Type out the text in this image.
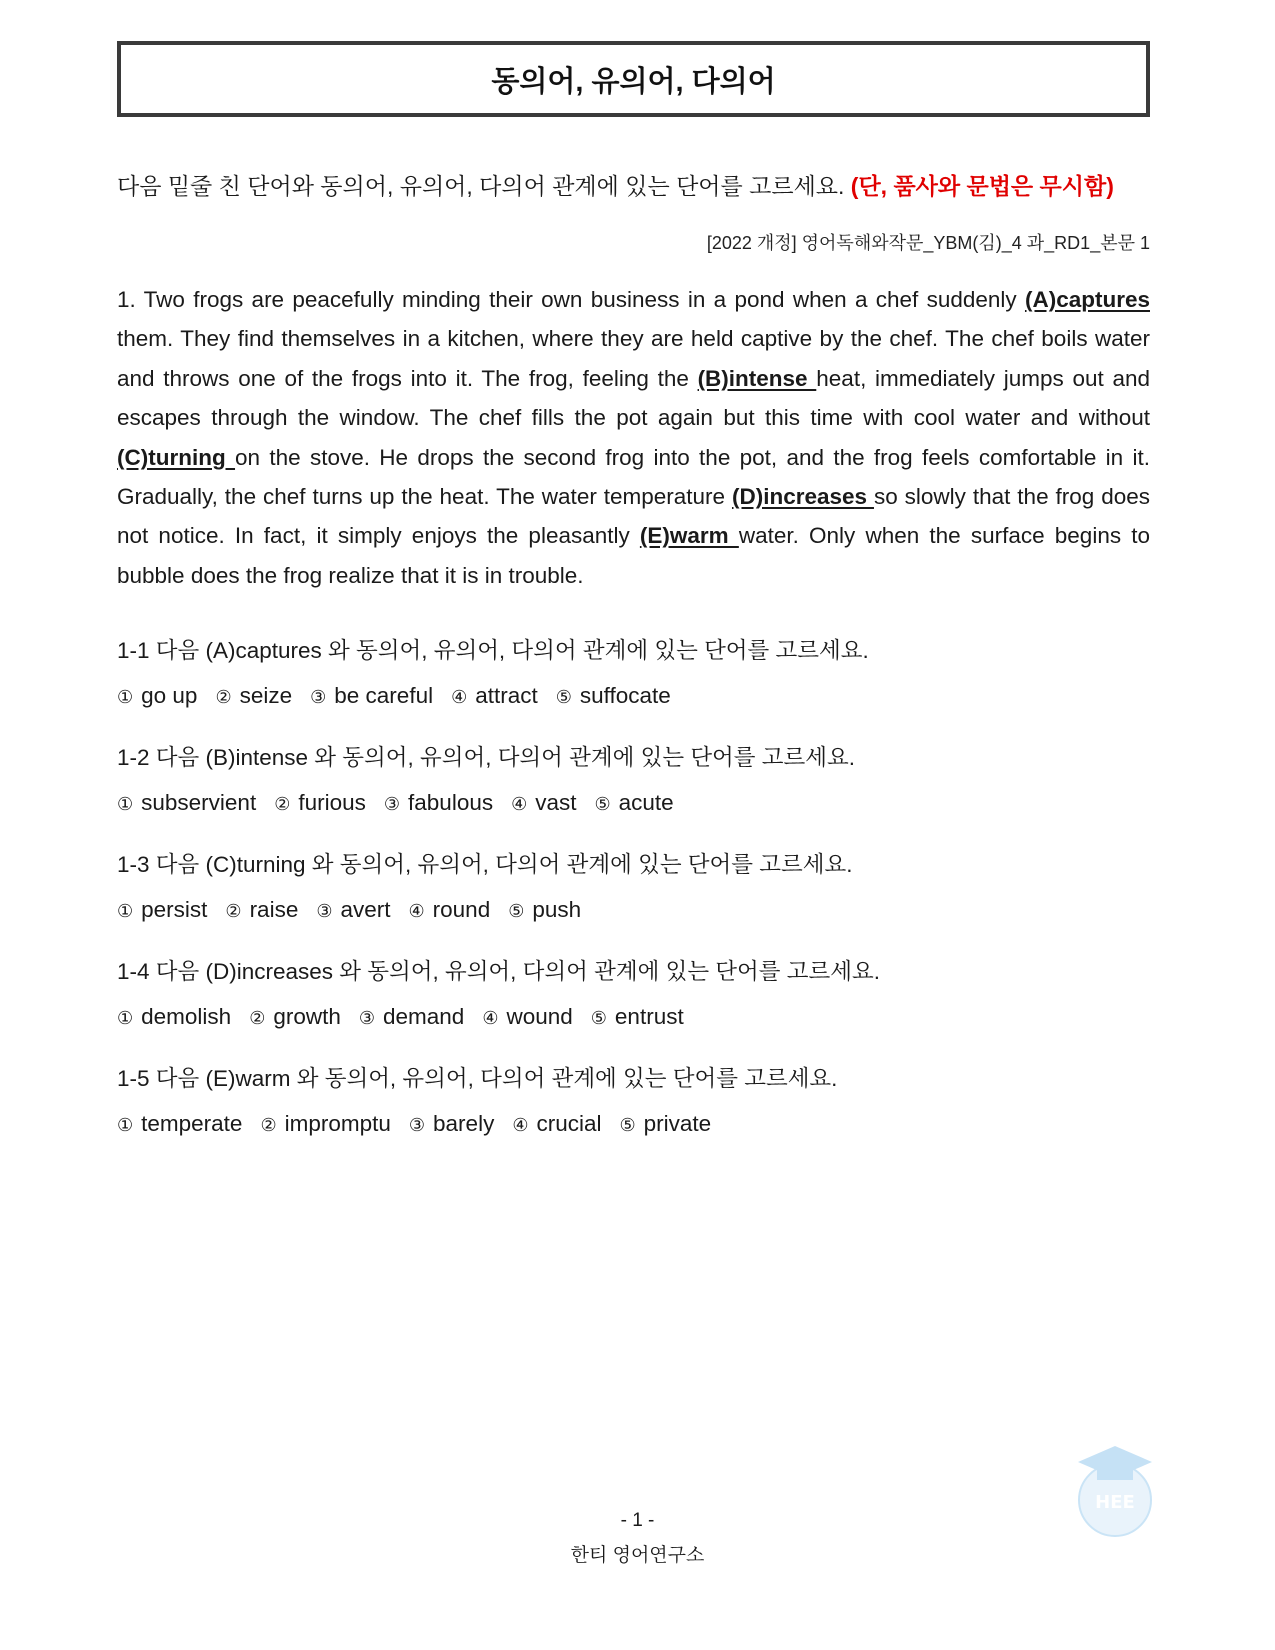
동의어, 유의어, 다의어
다음 밑줄 친 단어와 동의어, 유의어, 다의어 관계에 있는 단어를 고르세요. (단, 품사와 문법은 무시함)
[2022 개정] 영어독해와작문_YBM(김)_4 과_RD1_본문 1

1. Two frogs are peacefully minding their own business in a pond when a chef suddenly (A)captures them. They find themselves in a kitchen, where they are held captive by the chef. The chef boils water and throws one of the frogs into it. The frog, feeling the (B)intense heat, immediately jumps out and escapes through the window. The chef fills the pot again but this time with cool water and without (C)turning on the stove. He drops the second frog into the pot, and the frog feels comfortable in it. Gradually, the chef turns up the heat. The water temperature (D)increases so slowly that the frog does not notice. In fact, it simply enjoys the pleasantly (E)warm water. Only when the surface begins to bubble does the frog realize that it is in trouble.

1-1 다음 (A)captures 와 동의어, 유의어, 다의어 관계에 있는 단어를 고르세요.

① go up ② seize ③ be careful ④ attract ⑤ suffocate

1-2 다음 (B)intense 와 동의어, 유의어, 다의어 관계에 있는 단어를 고르세요.

① subservient ② furious ③ fabulous ④ vast ⑤ acute

1-3 다음 (C)turning 와 동의어, 유의어, 다의어 관계에 있는 단어를 고르세요.

① persist ② raise ③ avert ④ round ⑤ push

1-4 다음 (D)increases 와 동의어, 유의어, 다의어 관계에 있는 단어를 고르세요.

① demolish ② growth ③ demand ④ wound ⑤ entrust

1-5 다음 (E)warm 와 동의어, 유의어, 다의어 관계에 있는 단어를 고르세요.

① temperate ② impromptu ③ barely ④ crucial ⑤ private
- 1 -
한티 영어연구소
HEE
